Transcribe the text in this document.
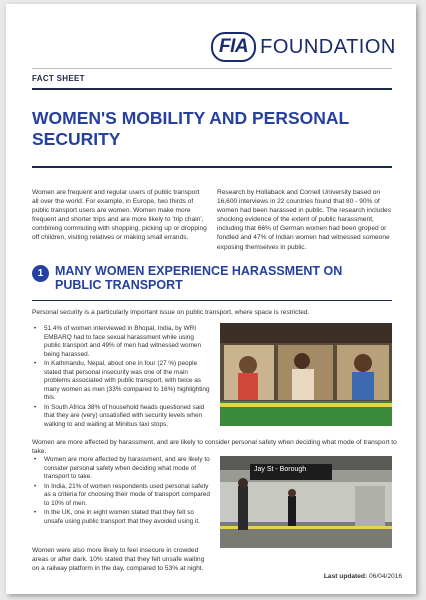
FIA FOUNDATION
FACT SHEET
WOMEN'S MOBILITY AND PERSONAL SECURITY

Women are frequent and regular users of public transport all over the world. For example, in Europe, two thirds of public transport users are women. Women make more frequent and shorter trips and are more likely to 'trip chain', combining commuting with shopping, picking up or dropping off children, visiting relatives or making small errands.

Research by Hollaback and Cornell University based on 16,600 interviews in 22 countries found that 80 - 90% of women had been harassed in public. The research includes shocking evidence of the extent of public harassment, including that 66% of German women had been groped or fondled and 47% of Indian women had witnessed someone exposing themselves in public.

1 MANY WOMEN EXPERIENCE HARASSMENT ON PUBLIC TRANSPORT

Personal security is a particularly important issue on public transport, where space is restricted.

• 51.4% of women interviewed in Bhopal, India, by WRI EMBARQ had to face sexual harassment while using public transport and 49% of men had witnessed women being harassed.
• In Kathmandu, Nepal, about one in four (27 %) people stated that personal insecurity was one of the main problems associated with public transport, with twice as many women as men (33% compared to 16%) highlighting this.
• In South Africa 38% of household heads questioned said that they are (very) unsatisfied with security levels when walking to and waiting at Minibus taxi stops.

Women are more affected by harassment, and are likely to consider personal safety when deciding what mode of transport to take.

• Women are more affected by harassment, and are likely to consider personal safety when deciding what mode of transport to take.
• In India, 21% of women respondents used personal safety as a criteria for choosing their mode of transport compared to 10% of men.
• In the UK, one in eight women stated that they felt so unsafe using public transport that they avoided using it.
Jay St - Borough

Women were also more likely to feel insecure in crowded areas or after dark. 10% stated that they felt unsafe waiting on a railway platform in the day, compared to 53% at night.

Last updated: 06/04/2016
